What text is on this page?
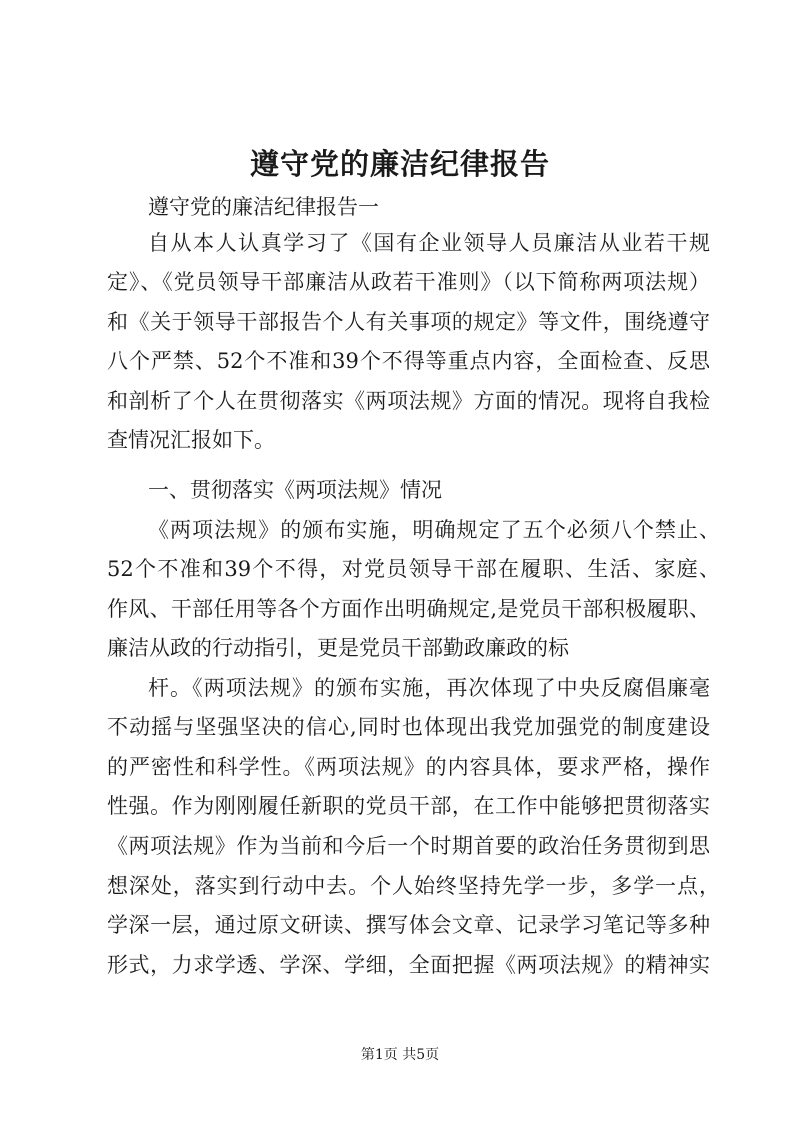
遵守党的廉洁纪律报告
遵守党的廉洁纪律报告一
自从本人认真学习了《国有企业领导人员廉洁从业若干规
定》、《党员领导干部廉洁从政若干准则》（以下简称两项法规）
和《关于领导干部报告个人有关事项的规定》等文件，围绕遵守
八个严禁、52个不准和39个不得等重点内容，全面检查、反思
和剖析了个人在贯彻落实《两项法规》方面的情况。现将自我检
查情况汇报如下。
一、贯彻落实《两项法规》情况
《两项法规》的颁布实施，明确规定了五个必须八个禁止、
52个不准和39个不得，对党员领导干部在履职、生活、家庭、
作风、干部任用等各个方面作出明确规定,是党员干部积极履职、
廉洁从政的行动指引，更是党员干部勤政廉政的标
杆。《两项法规》的颁布实施，再次体现了中央反腐倡廉毫
不动摇与坚强坚决的信心,同时也体现出我党加强党的制度建设
的严密性和科学性。《两项法规》的内容具体，要求严格，操作
性强。作为刚刚履任新职的党员干部，在工作中能够把贯彻落实
《两项法规》作为当前和今后一个时期首要的政治任务贯彻到思
想深处，落实到行动中去。个人始终坚持先学一步，多学一点，
学深一层，通过原文研读、撰写体会文章、记录学习笔记等多种
形式，力求学透、学深、学细，全面把握《两项法规》的精神实
第1页 共5页
